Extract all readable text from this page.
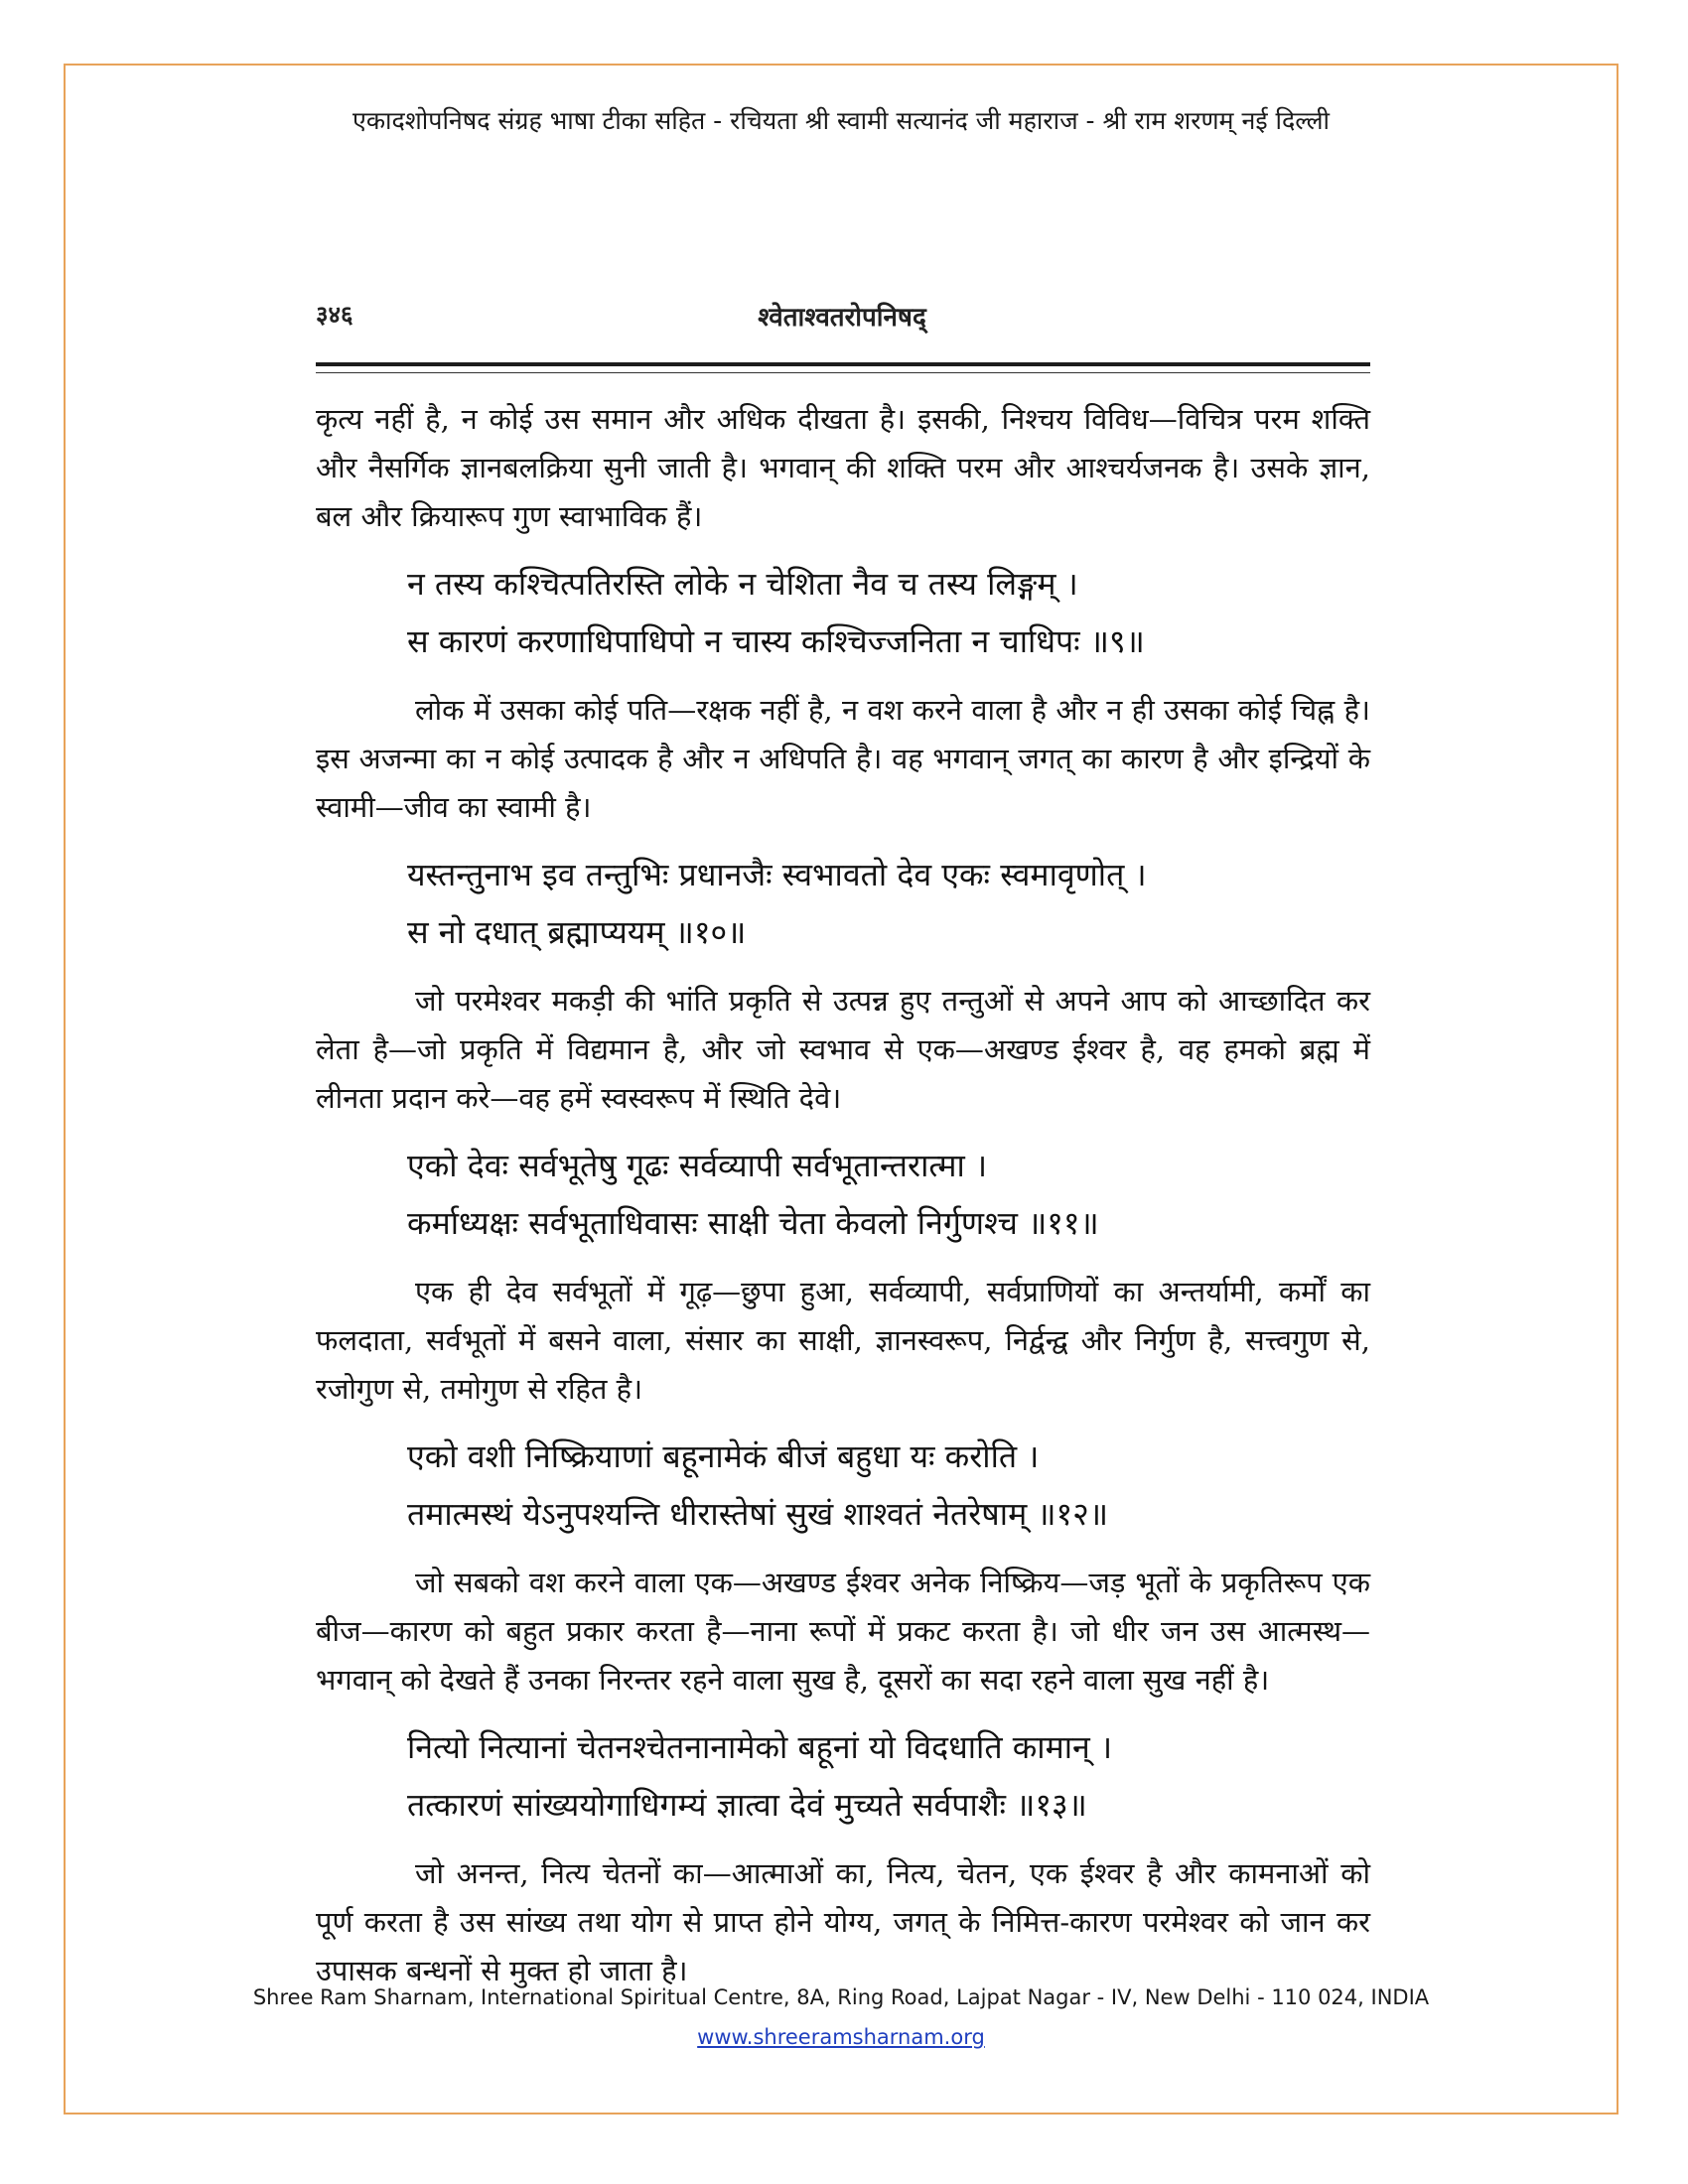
एकादशोपनिषद संग्रह भाषा टीका सहित - रचियता श्री स्वामी सत्यानंद जी महाराज - श्री राम शरणम् नई दिल्ली
३४६	श्वेताश्वतरोपनिषद्

कृत्य नहीं है, न कोई उस समान और अधिक दीखता है। इसकी, निश्चय विविध—विचित्र परम शक्ति और नैसर्गिक ज्ञानबलक्रिया सुनी जाती है। भगवान् की शक्ति परम और आश्चर्यजनक है। उसके ज्ञान, बल और क्रियारूप गुण स्वाभाविक हैं।

न तस्य कश्चित्पतिरस्ति लोके न चेशिता नैव च तस्य लिङ्गम् ।
स कारणं करणाधिपाधिपो न चास्य कश्चिज्जनिता न चाधिपः ॥९॥

लोक में उसका कोई पति—रक्षक नहीं है, न वश करने वाला है और न ही उसका कोई चिह्न है। इस अजन्मा का न कोई उत्पादक है और न अधिपति है। वह भगवान् जगत् का कारण है और इन्द्रियों के स्वामी—जीव का स्वामी है।

यस्तन्तुनाभ इव तन्तुभिः प्रधानजैः स्वभावतो देव एकः स्वमावृणोत् ।
स नो दधात् ब्रह्माप्ययम् ॥१०॥

जो परमेश्वर मकड़ी की भांति प्रकृति से उत्पन्न हुए तन्तुओं से अपने आप को आच्छादित कर लेता है—जो प्रकृति में विद्यमान है, और जो स्वभाव से एक—अखण्ड ईश्वर है, वह हमको ब्रह्म में लीनता प्रदान करे—वह हमें स्वस्वरूप में स्थिति देवे।

एको देवः सर्वभूतेषु गूढः सर्वव्यापी सर्वभूतान्तरात्मा ।
कर्माध्यक्षः सर्वभूताधिवासः साक्षी चेता केवलो निर्गुणश्च ॥११॥

एक ही देव सर्वभूतों में गूढ़—छुपा हुआ, सर्वव्यापी, सर्वप्राणियों का अन्तर्यामी, कर्मों का फलदाता, सर्वभूतों में बसने वाला, संसार का साक्षी, ज्ञानस्वरूप, निर्द्वन्द्व और निर्गुण है, सत्त्वगुण से, रजोगुण से, तमोगुण से रहित है।

एको वशी निष्क्रियाणां बहूनामेकं बीजं बहुधा यः करोति ।
तमात्मस्थं येऽनुपश्यन्ति धीरास्तेषां सुखं शाश्वतं नेतरेषाम् ॥१२॥

जो सबको वश करने वाला एक—अखण्ड ईश्वर अनेक निष्क्रिय—जड़ भूतों के प्रकृतिरूप एक बीज—कारण को बहुत प्रकार करता है—नाना रूपों में प्रकट करता है। जो धीर जन उस आत्मस्थ—भगवान् को देखते हैं उनका निरन्तर रहने वाला सुख है, दूसरों का सदा रहने वाला सुख नहीं है।

नित्यो नित्यानां चेतनश्चेतनानामेको बहूनां यो विदधाति कामान् ।
तत्कारणं सांख्ययोगाधिगम्यं ज्ञात्वा देवं मुच्यते सर्वपाशैः ॥१३॥

जो अनन्त, नित्य चेतनों का—आत्माओं का, नित्य, चेतन, एक ईश्वर है और कामनाओं को पूर्ण करता है उस सांख्य तथा योग से प्राप्त होने योग्य, जगत् के निमित्त-कारण परमेश्वर को जान कर उपासक बन्धनों से मुक्त हो जाता है।

Shree Ram Sharnam, International Spiritual Centre, 8A, Ring Road, Lajpat Nagar - IV, New Delhi - 110 024, INDIA
www.shreeramsharnam.org
